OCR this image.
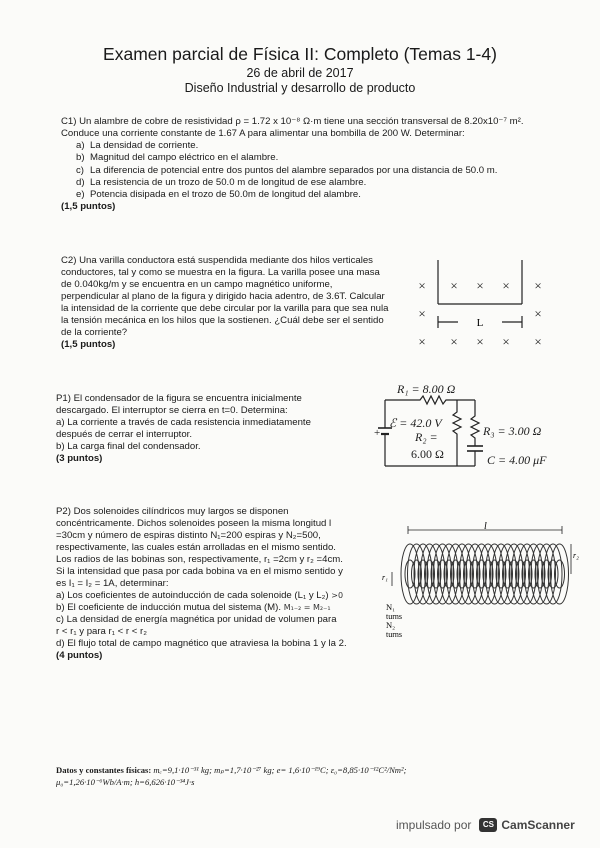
Examen parcial de Física II: Completo (Temas 1-4)
26 de abril de 2017
Diseño Industrial y desarrollo de producto
C1) Un alambre de cobre de resistividad ρ = 1.72 x 10⁻⁸ Ω·m tiene una sección transversal de 8.20x10⁻⁷ m².
Conduce una corriente constante de 1.67 A para alimentar una bombilla de 200 W. Determinar:
a) La densidad de corriente.
b) Magnitud del campo eléctrico en el alambre.
c) La diferencia de potencial entre dos puntos del alambre separados por una distancia de 50.0 m.
d) La resistencia de un trozo de 50.0 m de longitud de ese alambre.
e) Potencia disipada en el trozo de 50.0m de longitud del alambre.
(1,5 puntos)
C2) Una varilla conductora está suspendida mediante dos hilos verticales
conductores, tal y como se muestra en la figura. La varilla posee una masa
de 0.040kg/m y se encuentra en un campo magnético uniforme,
perpendicular al plano de la figura y dirigido hacia adentro, de 3.6T. Calcular
la intensidad de la corriente que debe circular por la varilla para que sea nula
la tensión mecánica en los hilos que la sostienen. ¿Cuál debe ser el sentido
de la corriente?
(1,5 puntos)
L
× × × × ×
×	×
× × × × ×
P1) El condensador de la figura se encuentra inicialmente
descargado. El interruptor se cierra en t=0. Determina:
a) La corriente a través de cada resistencia inmediatamente
después de cerrar el interruptor.
b) La carga final del condensador.
(3 puntos)
R₁ = 8.00 Ω
ℰ = 42.0 V
R₂ =
6.00 Ω
R₃ = 3.00 Ω
C = 4.00 μF
+
P2) Dos solenoides cilíndricos muy largos se disponen
concéntricamente. Dichos solenoides poseen la misma longitud l
=30cm y número de espiras distinto N₁=200 espiras y N₂=500,
respectivamente, las cuales están arrolladas en el mismo sentido.
Los radios de las bobinas son, respectivamente, r₁ =2cm y r₂ =4cm.
Si la intensidad que pasa por cada bobina va en el mismo sentido y
es I₁ = I₂ = 1A, determinar:
a) Los coeficientes de autoinducción de cada solenoide (L₁ y L₂) >0
b) El coeficiente de inducción mutua del sistema (M). M₁₋₂ = M₂₋₁
c) La densidad de energía magnética por unidad de volumen para
r < r₁ y para r₁ < r < r₂
d) El flujo total de campo magnético que atraviesa la bobina 1 y la 2.
(4 puntos)
l
r₂
r₁
N₁
turns
N₂
turns
Datos y constantes físicas: mₑ=9,1·10⁻³¹ kg; mₚ=1,7·10⁻²⁷ kg; e= 1,6·10⁻¹⁹C; ε₀=8,85·10⁻¹²C²/Nm²;
μ₀=1,26·10⁻⁶Wb/A·m; h=6,626·10⁻³⁴J·s
impulsado por	CS CamScanner
